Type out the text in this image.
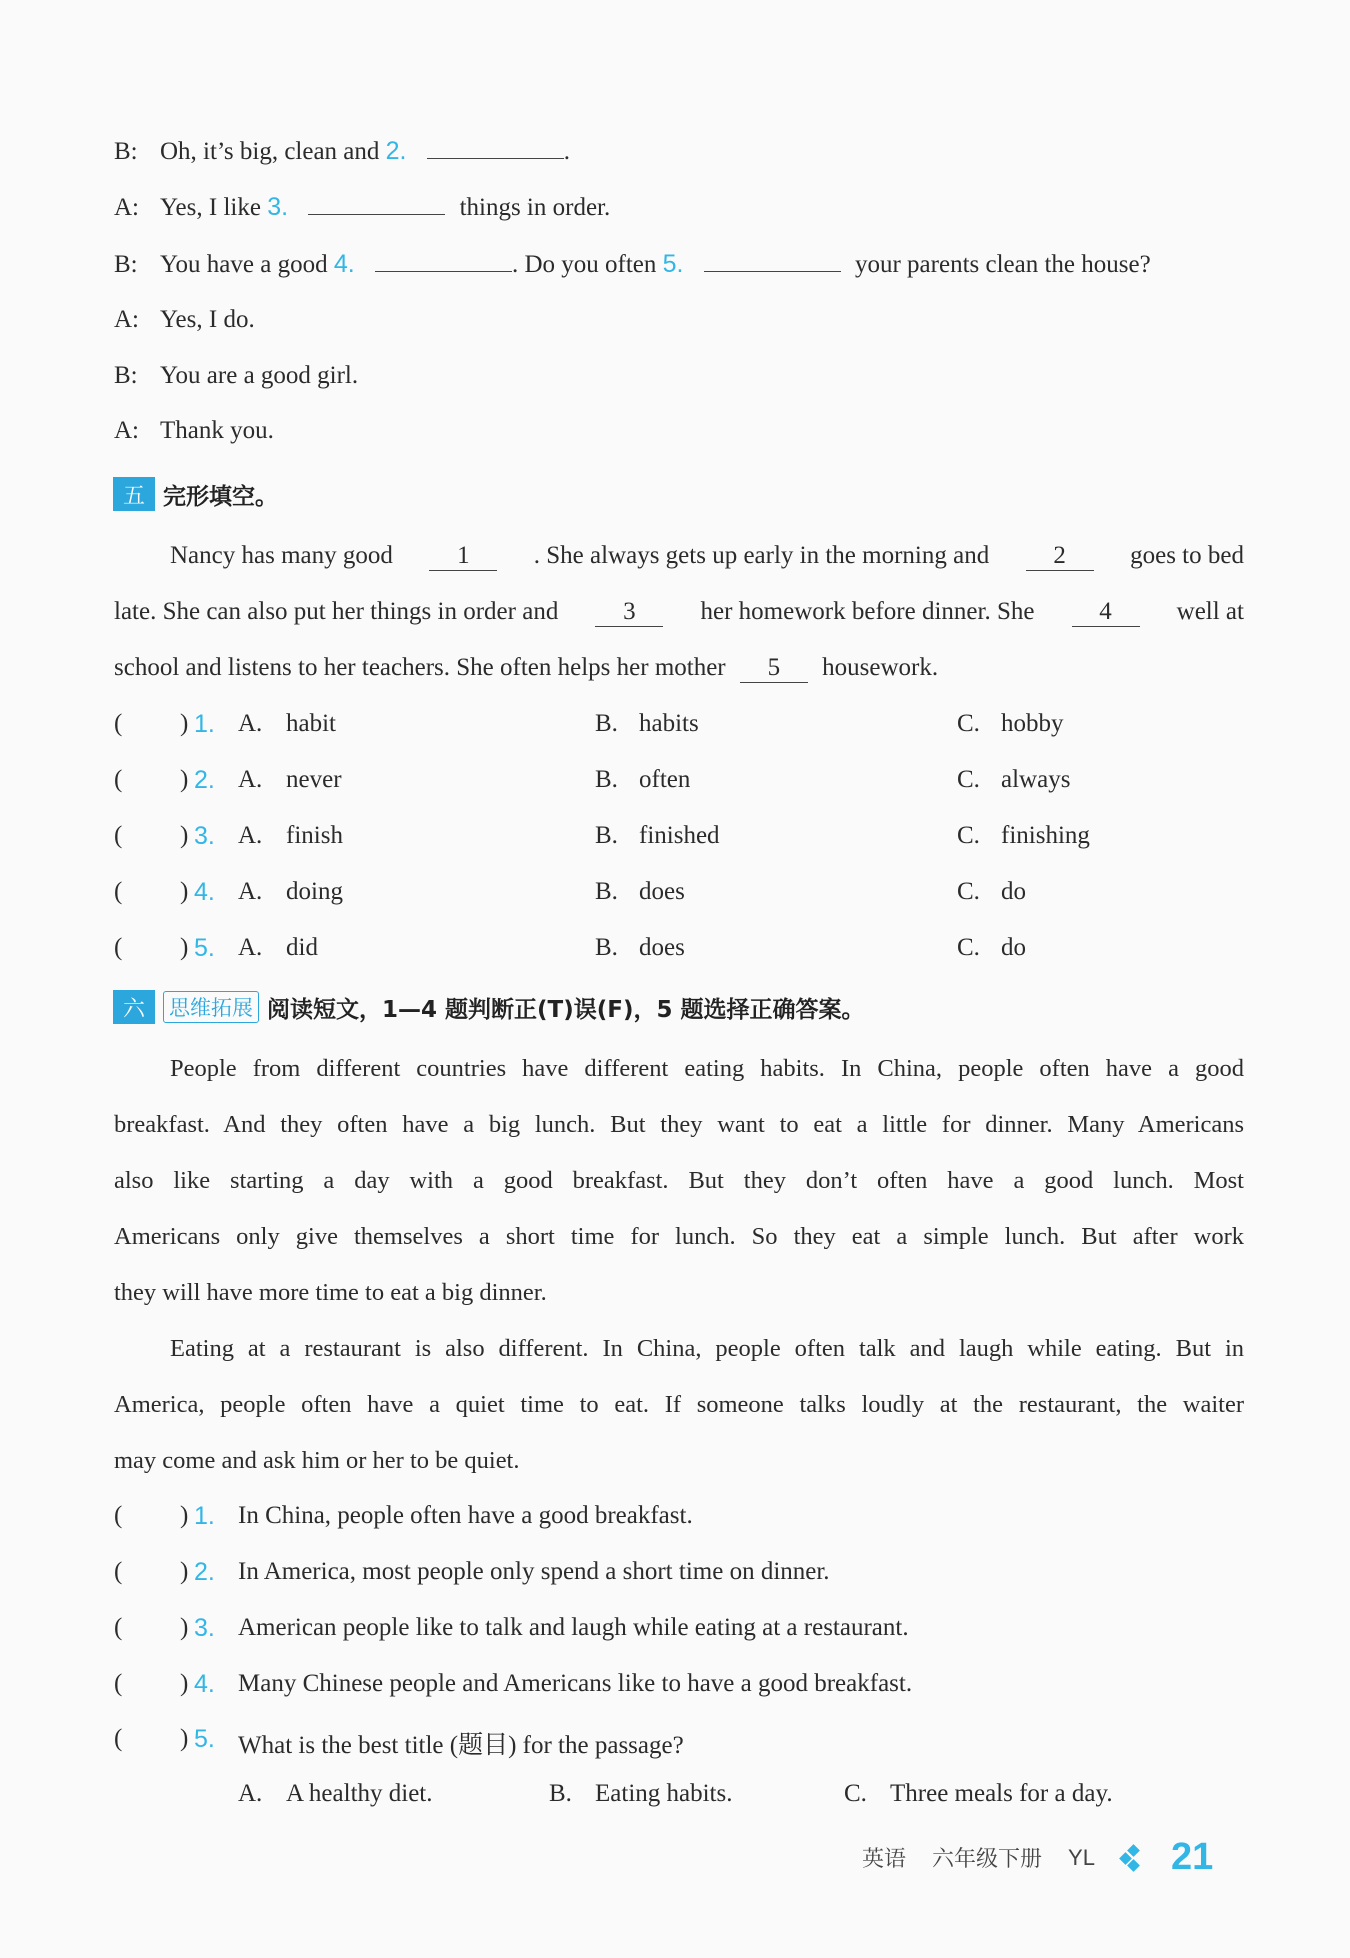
B: Oh, it’s big, clean and 2.	.
A: Yes, I like 3.	things in order.
B: You have a good 4.	. Do you often 5.	your parents clean the house?
A: Yes, I do.
B: You are a good girl.
A: Thank you.
五 完形填空。
Nancy has many good	1	. She always gets up early in the morning and	2	goes to bed
late. She can also put her things in order and	3	her homework before dinner. She	4	well at
school and listens to her teachers. She often helps her mother 5 housework.
( ) 1. A. habit	B. habits	C. hobby
( ) 2. A. never	B. often	C. always
( ) 3. A. finish	B. finished	C. finishing
( ) 4. A. doing	B. does	C. do
( ) 5. A. did	B. does	C. do
六	思维拓展 阅读短文，1—4 题判断正(T)误(F)，5 题选择正确答案。
People from different countries have different eating habits. In China, people often have a good
breakfast. And they often have a big lunch. But they want to eat a little for dinner. Many Americans
also like starting a day with a good breakfast. But they don’t often have a good lunch. Most
Americans only give themselves a short time for lunch. So they eat a simple lunch. But after work
they will have more time to eat a big dinner.
Eating at a restaurant is also different. In China, people often talk and laugh while eating. But in
America, people often have a quiet time to eat. If someone talks loudly at the restaurant, the waiter
may come and ask him or her to be quiet.
( ) 1. In China, people often have a good breakfast.
( ) 2. In America, most people only spend a short time on dinner.
( ) 3. American people like to talk and laugh while eating at a restaurant.
( ) 4. Many Chinese people and Americans like to have a good breakfast.
( ) 5. What is the best title (题目) for the passage?
A. A healthy diet.	B. Eating habits.	C. Three meals for a day.
英语 六年级下册 YL 21
